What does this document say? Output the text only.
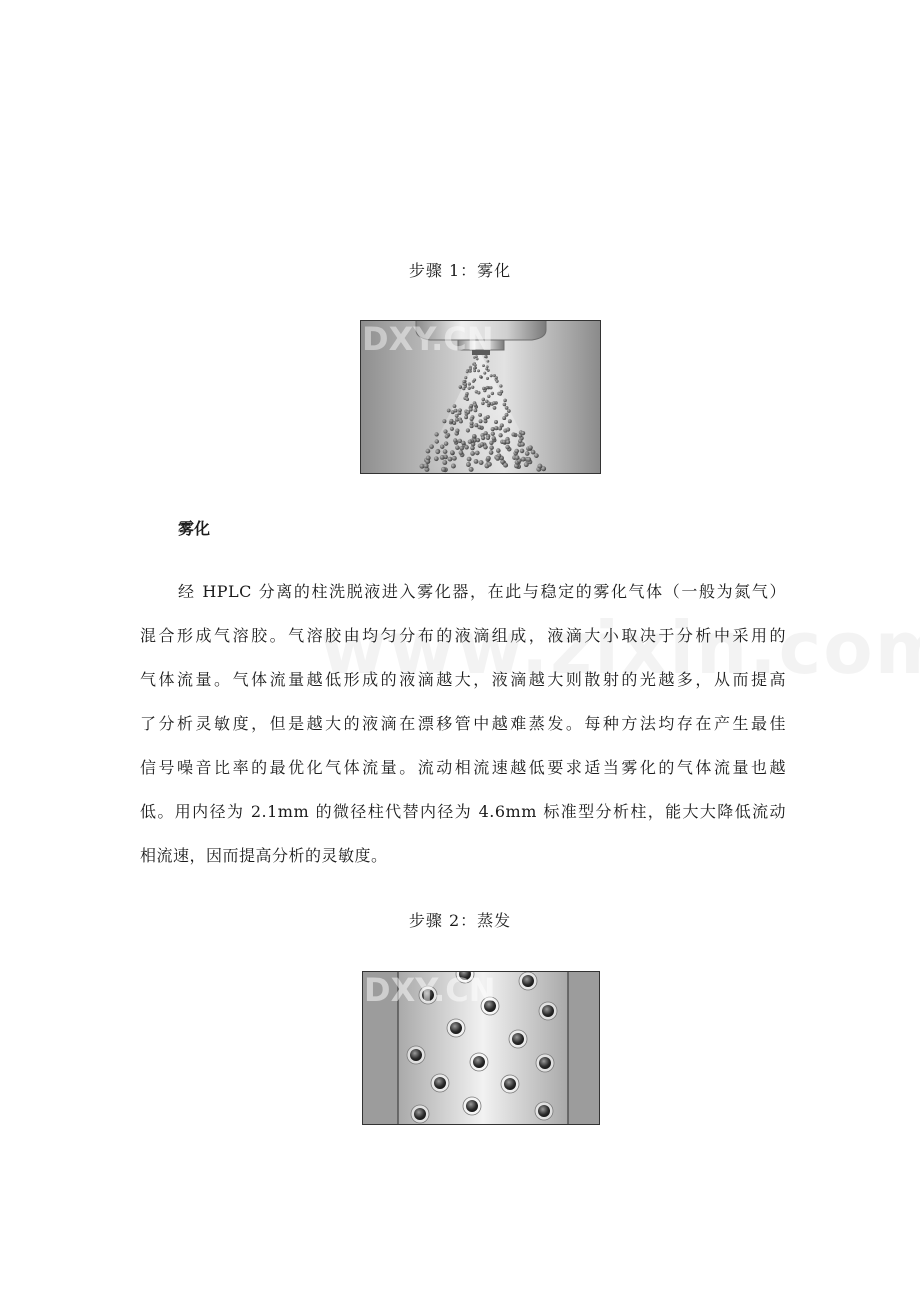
步骤 1：雾化
DXY.CN
雾化
经 HPLC 分离的柱洗脱液进入雾化器，在此与稳定的雾化气体（一般为氮气）
混合形成气溶胶。气溶胶由均匀分布的液滴组成，液滴大小取决于分析中采用的
气体流量。气体流量越低形成的液滴越大，液滴越大则散射的光越多，从而提高
了分析灵敏度，但是越大的液滴在漂移管中越难蒸发。每种方法均存在产生最佳
信号噪音比率的最优化气体流量。流动相流速越低要求适当雾化的气体流量也越
低。用内径为 2.1mm 的微径柱代替内径为 4.6mm 标准型分析柱，能大大降低流动
相流速，因而提高分析的灵敏度。
步骤 2：蒸发
DXY.CN
